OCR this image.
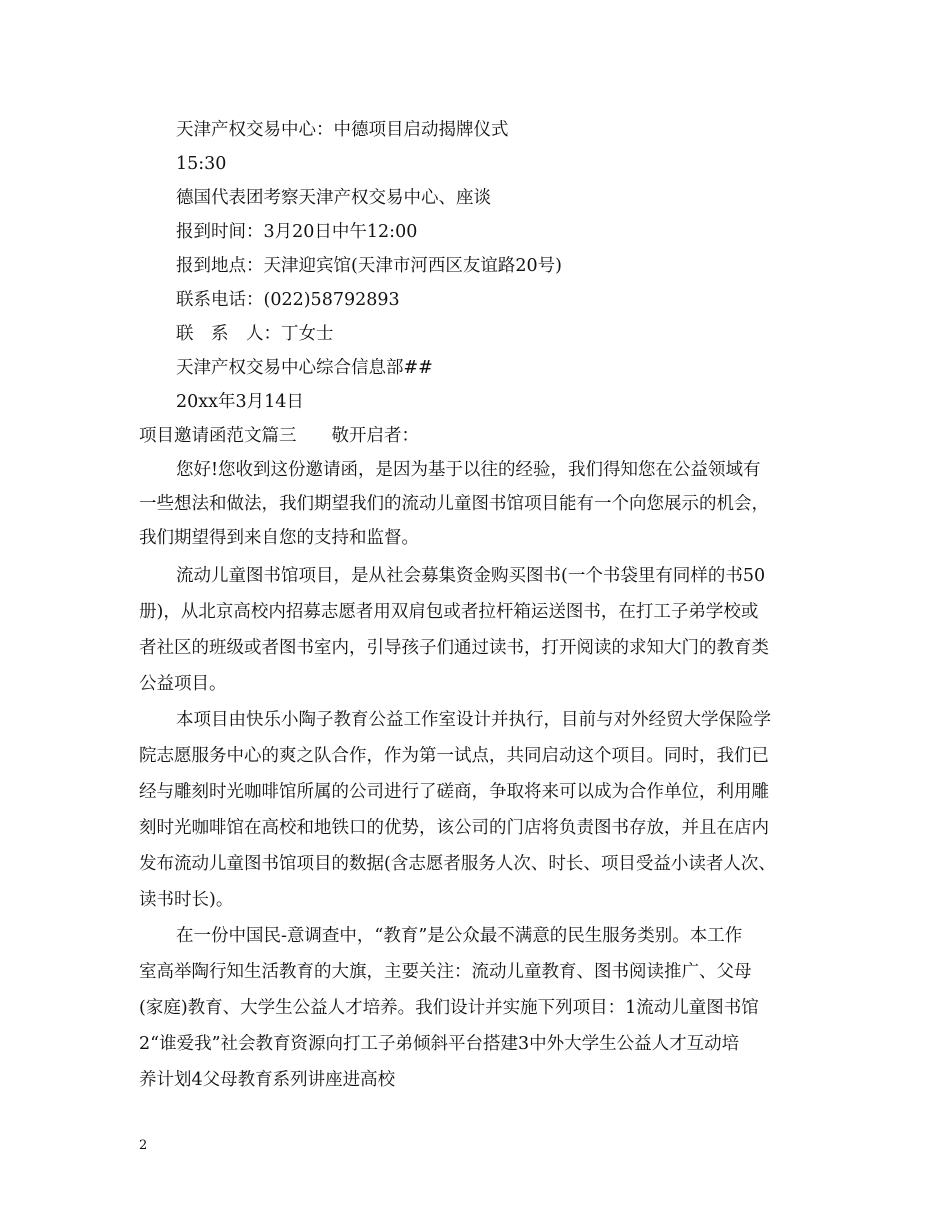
天津产权交易中心：中德项目启动揭牌仪式
15:30
德国代表团考察天津产权交易中心、座谈
报到时间：3月20日中午12:00
报到地点：天津迎宾馆(天津市河西区友谊路20号)
联系电话：(022)58792893
联　系　人：丁女士
天津产权交易中心综合信息部##
20xx年3月14日
项目邀请函范文篇三　　敬开启者：
您好!您收到这份邀请函，是因为基于以往的经验，我们得知您在公益领域有
一些想法和做法，我们期望我们的流动儿童图书馆项目能有一个向您展示的机会，
我们期望得到来自您的支持和监督。
流动儿童图书馆项目，是从社会募集资金购买图书(一个书袋里有同样的书50
册)，从北京高校内招募志愿者用双肩包或者拉杆箱运送图书，在打工子弟学校或
者社区的班级或者图书室内，引导孩子们通过读书，打开阅读的求知大门的教育类
公益项目。
本项目由快乐小陶子教育公益工作室设计并执行，目前与对外经贸大学保险学
院志愿服务中心的爽之队合作，作为第一试点，共同启动这个项目。同时，我们已
经与雕刻时光咖啡馆所属的公司进行了磋商，争取将来可以成为合作单位，利用雕
刻时光咖啡馆在高校和地铁口的优势，该公司的门店将负责图书存放，并且在店内
发布流动儿童图书馆项目的数据(含志愿者服务人次、时长、项目受益小读者人次、
读书时长)。
在一份中国民-意调查中，“教育”是公众最不满意的民生服务类别。本工作
室高举陶行知生活教育的大旗，主要关注：流动儿童教育、图书阅读推广、父母
(家庭)教育、大学生公益人才培养。我们设计并实施下列项目：1流动儿童图书馆
2“谁爱我”社会教育资源向打工子弟倾斜平台搭建3中外大学生公益人才互动培
养计划4父母教育系列讲座进高校
2
